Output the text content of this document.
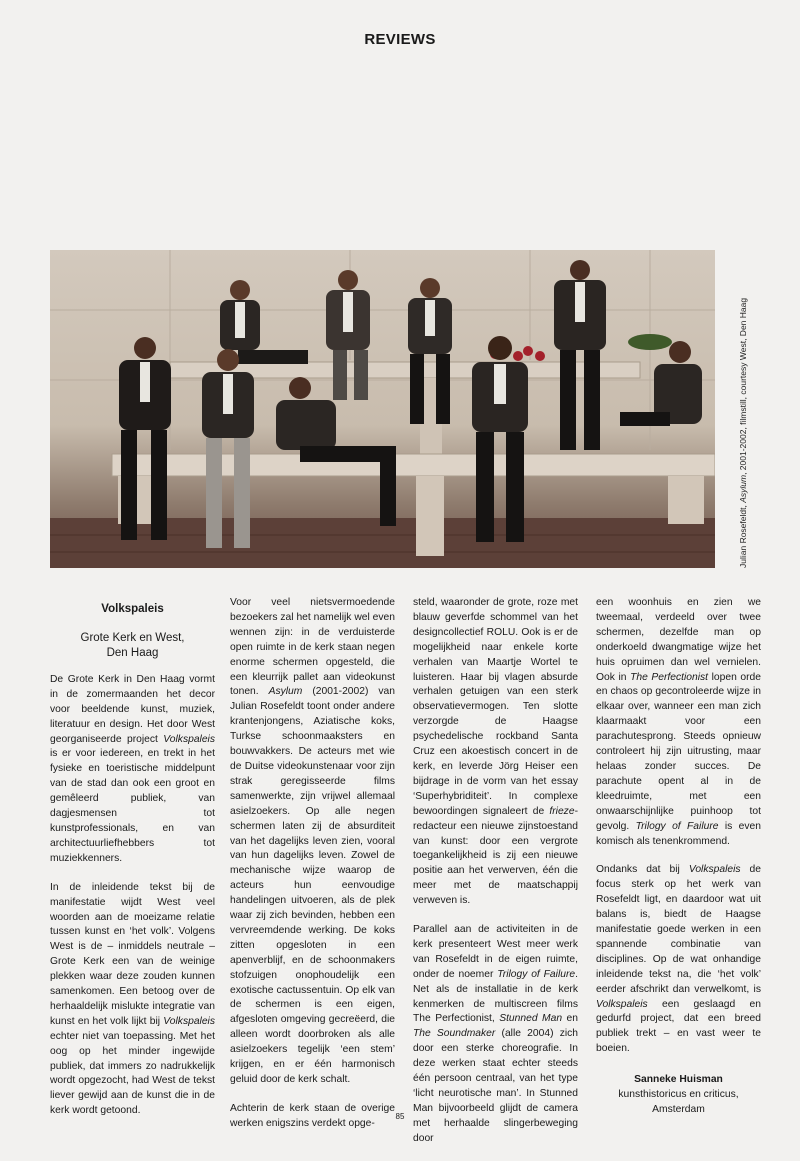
REVIEWS
Julian Rosefeldt, Asylum, 2001-2002, filmstill, courtesy West, Den Haag
Volkspaleis
Grote Kerk en West,
Den Haag

De Grote Kerk in Den Haag vormt in de zomermaanden het decor voor beeldende kunst, muziek, literatuur en design. Het door West georganiseerde project Volkspaleis is er voor iedereen, en trekt in het fysieke en toeristische middelpunt van de stad dan ook een groot en gemêleerd publiek, van dagjesmensen tot kunstprofessionals, en van architectuurliefhebbers tot muziekkenners.

In de inleidende tekst bij de manifestatie wijdt West veel woorden aan de moeizame relatie tussen kunst en ‘het volk’. Volgens West is de – inmiddels neutrale – Grote Kerk een van de weinige plekken waar deze zouden kunnen samenkomen. Een betoog over de herhaaldelijk mislukte integratie van kunst en het volk lijkt bij Volkspaleis echter niet van toepassing. Met het oog op het minder ingewijde publiek, dat immers zo nadrukkelijk wordt opgezocht, had West de tekst liever gewijd aan de kunst die in de kerk wordt getoond.

Voor veel nietsvermoedende bezoekers zal het namelijk wel even wennen zijn: in de verduisterde open ruimte in de kerk staan negen enorme schermen opgesteld, die een kleurrijk pallet aan videokunst tonen. Asylum (2001-2002) van Julian Rosefeldt toont onder andere krantenjongens, Aziatische koks, Turkse schoonmaaksters en bouwvakkers. De acteurs met wie de Duitse videokunstenaar voor zijn strak geregisseerde films samenwerkte, zijn vrijwel allemaal asielzoekers. Op alle negen schermen laten zij de absurditeit van het dagelijks leven zien, vooral van hun dagelijks leven. Zowel de mechanische wijze waarop de acteurs hun eenvoudige handelingen uitvoeren, als de plek waar zij zich bevinden, hebben een vervreemdende werking. De koks zitten opgesloten in een apenverblijf, en de schoonmakers stofzuigen onophoudelijk een exotische cactussentuin. Op elk van de schermen is een eigen, afgesloten omgeving gecreëerd, die alleen wordt doorbroken als alle asielzoekers tegelijk ‘een stem’ krijgen, en er één harmonisch geluid door de kerk schalt.

Achterin de kerk staan de overige werken enigszins verdekt opge-

steld, waaronder de grote, roze met blauw geverfde schommel van het designcollectief ROLU. Ook is er de mogelijkheid naar enkele korte verhalen van Maartje Wortel te luisteren. Haar bij vlagen absurde verhalen getuigen van een sterk observatievermogen. Ten slotte verzorgde de Haagse psychedelische rockband Santa Cruz een akoestisch concert in de kerk, en leverde Jörg Heiser een bijdrage in de vorm van het essay ‘Superhybriditeit’. In complexe bewoordingen signaleert de frieze-redacteur een nieuwe zijnstoestand van kunst: door een vergrote toegankelijkheid is zij een nieuwe positie aan het verwerven, één die meer met de maatschappij verweven is.

Parallel aan de activiteiten in de kerk presenteert West meer werk van Rosefeldt in de eigen ruimte, onder de noemer Trilogy of Failure. Net als de installatie in de kerk kenmerken de multiscreen films The Perfectionist, Stunned Man en The Soundmaker (alle 2004) zich door een sterke choreografie. In deze werken staat echter steeds één persoon centraal, van het type ‘licht neurotische man’. In Stunned Man bijvoorbeeld glijdt de camera met herhaalde slingerbeweging door

een woonhuis en zien we tweemaal, verdeeld over twee schermen, dezelfde man op onderkoeld dwangmatige wijze het huis opruimen dan wel vernielen. Ook in The Perfectionist lopen orde en chaos op gecontroleerde wijze in elkaar over, wanneer een man zich klaarmaakt voor een parachutesprong. Steeds opnieuw controleert hij zijn uitrusting, maar helaas zonder succes. De parachute opent al in de kleedruimte, met een onwaarschijnlijke puinhoop tot gevolg. Trilogy of Failure is even komisch als tenenkrommend.

Ondanks dat bij Volkspaleis de focus sterk op het werk van Rosefeldt ligt, en daardoor wat uit balans is, biedt de Haagse manifestatie goede werken in een spannende combinatie van disciplines. Op de wat onhandige inleidende tekst na, die ‘het volk’ eerder afschrikt dan verwelkomt, is Volkspaleis een geslaagd en gedurfd project, dat een breed publiek trekt – en vast weer te boeien.

Sanneke Huisman
kunsthistoricus en criticus,
Amsterdam
85
